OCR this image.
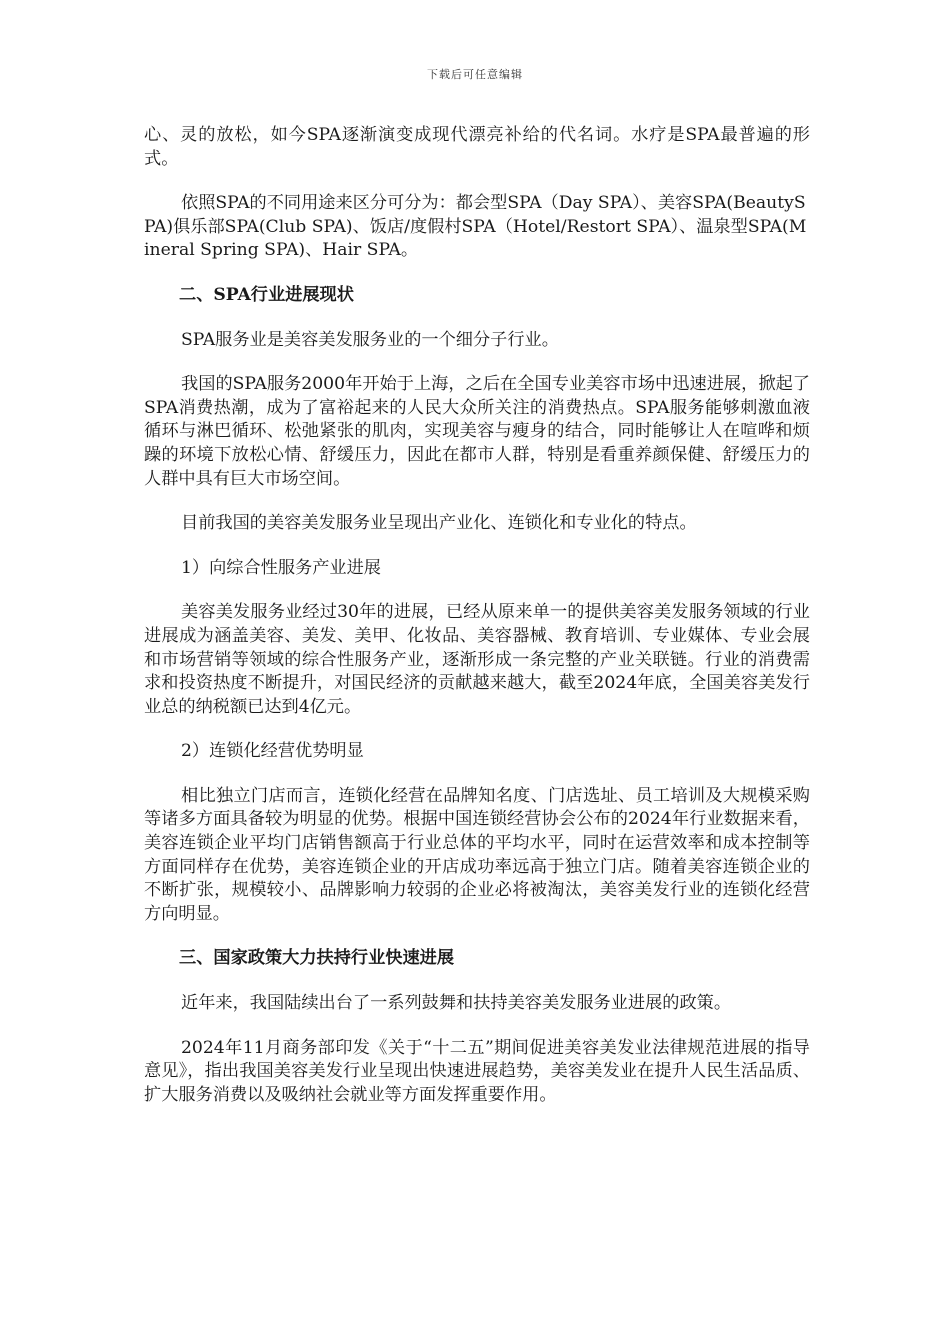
下载后可任意编辑

心、灵的放松，如今SPA逐渐演变成现代漂亮补给的代名词。水疗是SPA最普遍的形式。

依照SPA的不同用途来区分可分为：都会型SPA（Day SPA）、美容SPA(BeautySPA)俱乐部SPA(Club SPA)、饭店/度假村SPA（Hotel/Restort SPA）、温泉型SPA(Mineral Spring SPA)、Hair SPA。

二、SPA行业进展现状

SPA服务业是美容美发服务业的一个细分子行业。

我国的SPA服务2000年开始于上海，之后在全国专业美容市场中迅速进展，掀起了SPA消费热潮，成为了富裕起来的人民大众所关注的消费热点。SPA服务能够刺激血液循环与淋巴循环、松弛紧张的肌肉，实现美容与瘦身的结合，同时能够让人在喧哗和烦躁的环境下放松心情、舒缓压力，因此在都市人群，特别是看重养颜保健、舒缓压力的人群中具有巨大市场空间。

目前我国的美容美发服务业呈现出产业化、连锁化和专业化的特点。

1）向综合性服务产业进展

美容美发服务业经过30年的进展，已经从原来单一的提供美容美发服务领域的行业进展成为涵盖美容、美发、美甲、化妆品、美容器械、教育培训、专业媒体、专业会展和市场营销等领域的综合性服务产业，逐渐形成一条完整的产业关联链。行业的消费需求和投资热度不断提升，对国民经济的贡献越来越大，截至2024年底，全国美容美发行业总的纳税额已达到4亿元。

2）连锁化经营优势明显

相比独立门店而言，连锁化经营在品牌知名度、门店选址、员工培训及大规模采购等诸多方面具备较为明显的优势。根据中国连锁经营协会公布的2024年行业数据来看，美容连锁企业平均门店销售额高于行业总体的平均水平，同时在运营效率和成本控制等方面同样存在优势，美容连锁企业的开店成功率远高于独立门店。随着美容连锁企业的不断扩张，规模较小、品牌影响力较弱的企业必将被淘汰，美容美发行业的连锁化经营方向明显。

三、国家政策大力扶持行业快速进展

近年来，我国陆续出台了一系列鼓舞和扶持美容美发服务业进展的政策。

2024年11月商务部印发《关于“十二五”期间促进美容美发业法律规范进展的指导意见》，指出我国美容美发行业呈现出快速进展趋势，美容美发业在提升人民生活品质、扩大服务消费以及吸纳社会就业等方面发挥重要作用。
